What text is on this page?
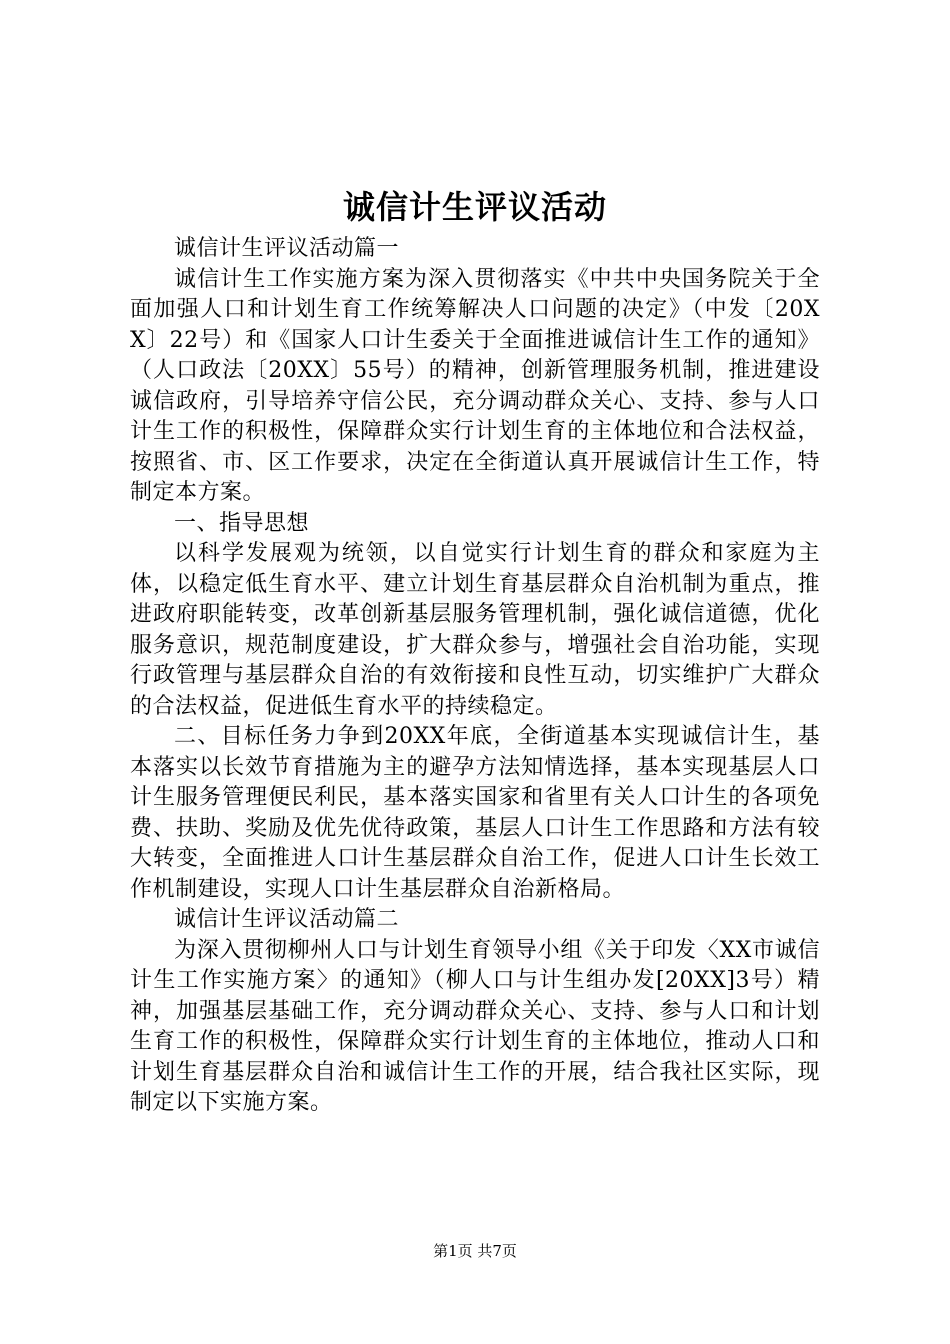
诚信计生评议活动

诚信计生评议活动篇一

诚信计生工作实施方案为深入贯彻落实《中共中央国务院关于全面加强人口和计划生育工作统筹解决人口问题的决定》（中发〔20XX〕22号）和《国家人口计生委关于全面推进诚信计生工作的通知》（人口政法〔20XX〕55号）的精神，创新管理服务机制，推进建设诚信政府，引导培养守信公民，充分调动群众关心、支持、参与人口计生工作的积极性，保障群众实行计划生育的主体地位和合法权益，按照省、市、区工作要求，决定在全街道认真开展诚信计生工作，特制定本方案。

一、指导思想

以科学发展观为统领，以自觉实行计划生育的群众和家庭为主体，以稳定低生育水平、建立计划生育基层群众自治机制为重点，推进政府职能转变，改革创新基层服务管理机制，强化诚信道德，优化服务意识，规范制度建设，扩大群众参与，增强社会自治功能，实现行政管理与基层群众自治的有效衔接和良性互动，切实维护广大群众的合法权益，促进低生育水平的持续稳定。

二、目标任务力争到20XX年底，全街道基本实现诚信计生，基本落实以长效节育措施为主的避孕方法知情选择，基本实现基层人口计生服务管理便民利民，基本落实国家和省里有关人口计生的各项免费、扶助、奖励及优先优待政策，基层人口计生工作思路和方法有较大转变，全面推进人口计生基层群众自治工作，促进人口计生长效工作机制建设，实现人口计生基层群众自治新格局。

诚信计生评议活动篇二

为深入贯彻柳州人口与计划生育领导小组《关于印发〈XX市诚信计生工作实施方案〉的通知》（柳人口与计生组办发[20XX]3号）精神，加强基层基础工作，充分调动群众关心、支持、参与人口和计划生育工作的积极性，保障群众实行计划生育的主体地位，推动人口和计划生育基层群众自治和诚信计生工作的开展，结合我社区实际，现制定以下实施方案。

第1页 共7页
